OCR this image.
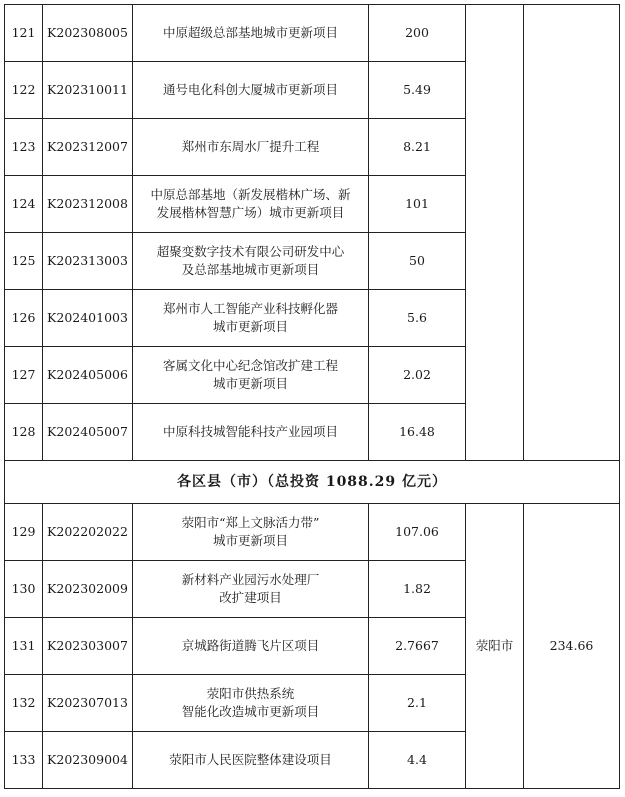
121	K202308005	中原超级总部基地城市更新项目	200		
122	K202310011	通号电化科创大厦城市更新项目	5.49		
123	K202312007	郑州市东周水厂提升工程	8.21		
124	K202312008	中原总部基地（新发展楷林广场、新
发展楷林智慧广场）城市更新项目	101		
125	K202313003	超聚变数字技术有限公司研发中心
及总部基地城市更新项目	50		
126	K202401003	郑州市人工智能产业科技孵化器
城市更新项目	5.6		
127	K202405006	客属文化中心纪念馆改扩建工程
城市更新项目	2.02		
128	K202405007	中原科技城智能科技产业园项目	16.48		
各区县（市）（总投资 1088.29 亿元）					
129	K202202022	荥阳市“郑上文脉活力带”
城市更新项目	107.06	荥阳市	234.66
130	K202302009	新材料产业园污水处理厂
改扩建项目	1.82		
131	K202303007	京城路街道腾飞片区项目	2.7667		
132	K202307013	荥阳市供热系统
智能化改造城市更新项目	2.1		
133	K202309004	荥阳市人民医院整体建设项目	4.4		
